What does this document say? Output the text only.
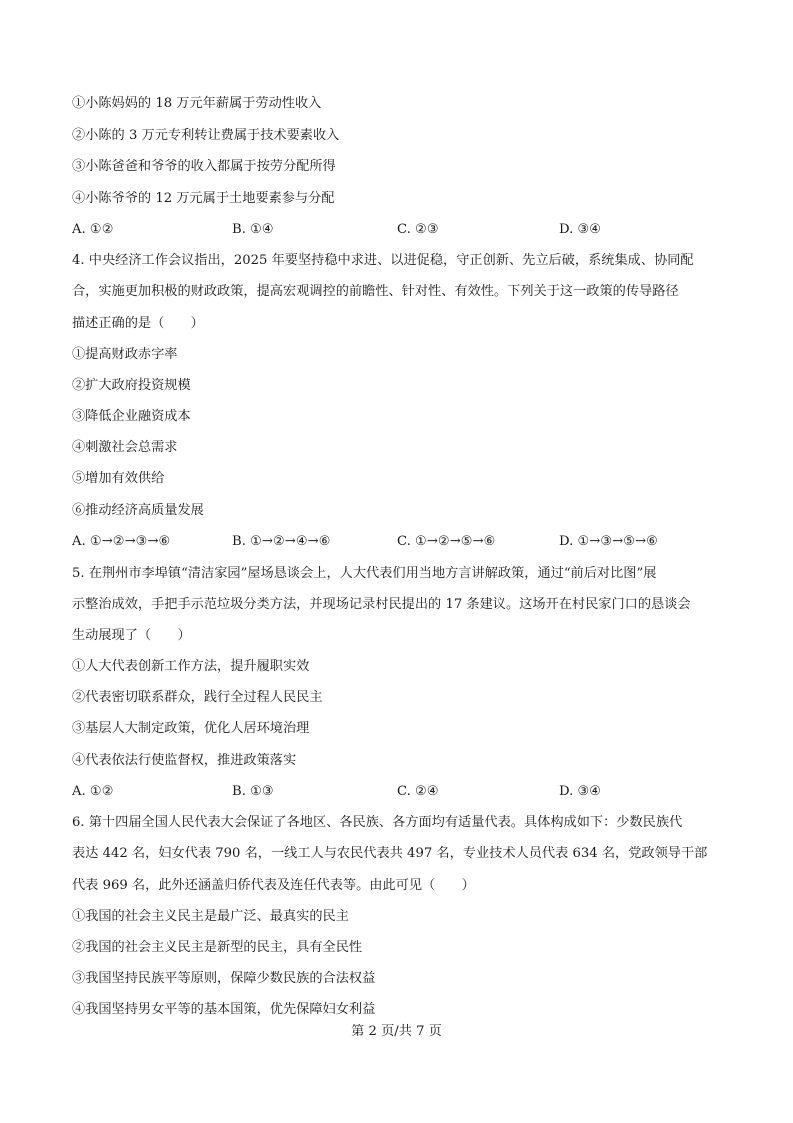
①小陈妈妈的 18 万元年薪属于劳动性收入
②小陈的 3 万元专利转让费属于技术要素收入
③小陈爸爸和爷爷的收入都属于按劳分配所得
④小陈爷爷的 12 万元属于土地要素参与分配
A. ①②	B. ①④	C. ②③	D. ③④
4. 中央经济工作会议指出，2025 年要坚持稳中求进、以进促稳，守正创新、先立后破，系统集成、协同配
合，实施更加积极的财政政策，提高宏观调控的前瞻性、针对性、有效性。下列关于这一政策的传导路径
描述正确的是（　　）
①提高财政赤字率
②扩大政府投资规模
③降低企业融资成本
④刺激社会总需求
⑤增加有效供给
⑥推动经济高质量发展
A. ①→②→③→⑥	B. ①→②→④→⑥	C. ①→②→⑤→⑥	D. ①→③→⑤→⑥
5. 在荆州市李埠镇“清洁家园”屋场恳谈会上，人大代表们用当地方言讲解政策，通过“前后对比图”展
示整治成效，手把手示范垃圾分类方法，并现场记录村民提出的 17 条建议。这场开在村民家门口的恳谈会
生动展现了（　　）
①人大代表创新工作方法，提升履职实效
②代表密切联系群众，践行全过程人民民主
③基层人大制定政策，优化人居环境治理
④代表依法行使监督权，推进政策落实
A. ①②	B. ①③	C. ②④	D. ③④
6. 第十四届全国人民代表大会保证了各地区、各民族、各方面均有适量代表。具体构成如下：少数民族代
表达 442 名，妇女代表 790 名，一线工人与农民代表共 497 名，专业技术人员代表 634 名，党政领导干部
代表 969 名，此外还涵盖归侨代表及连任代表等。由此可见（　　）
①我国的社会主义民主是最广泛、最真实的民主
②我国的社会主义民主是新型的民主，具有全民性
③我国坚持民族平等原则，保障少数民族的合法权益
④我国坚持男女平等的基本国策，优先保障妇女利益
第 2 页/共 7 页
